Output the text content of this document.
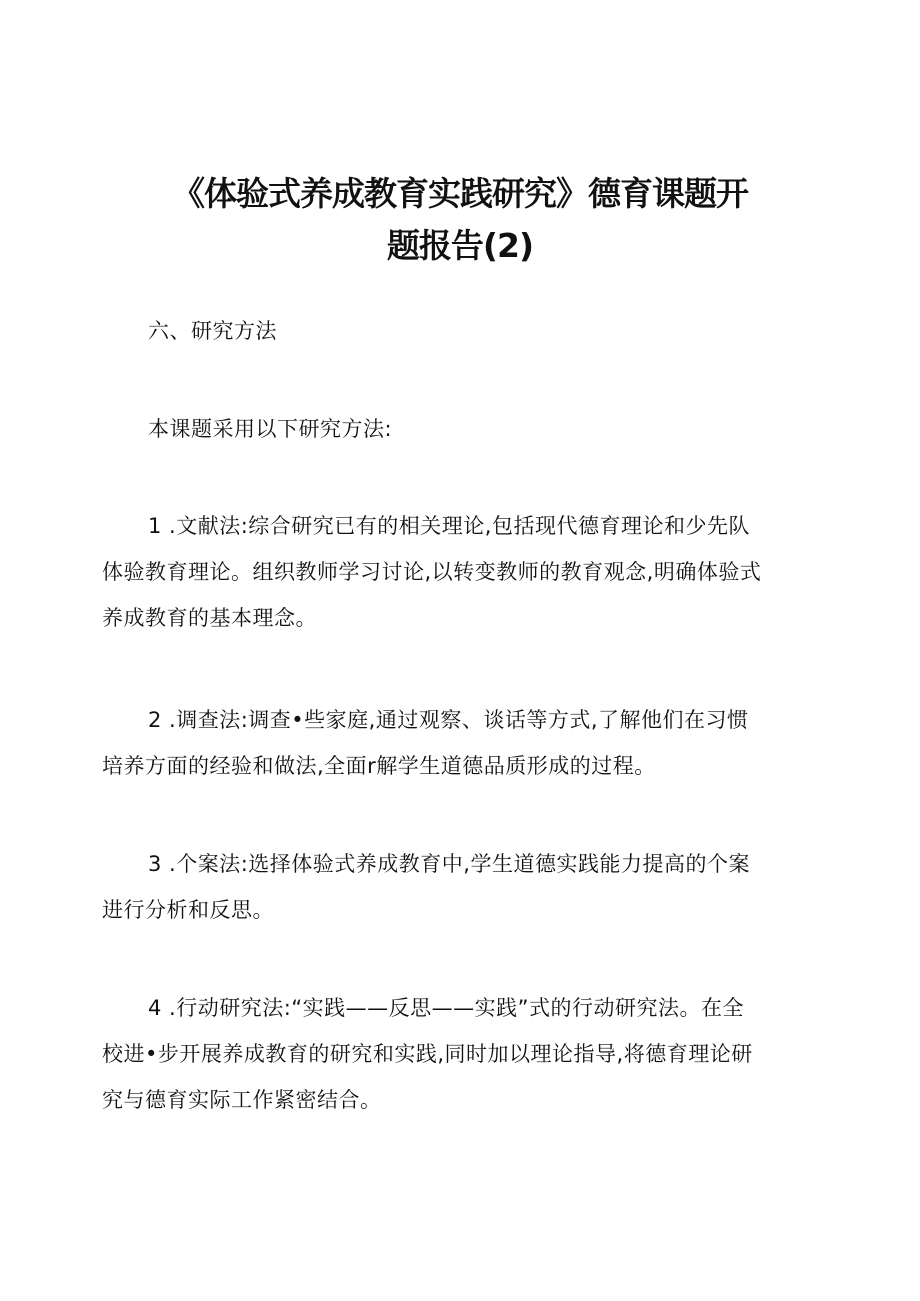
《体验式养成教育实践研究》德育课题开
题报告(2)

六、研究方法

本课题采用以下研究方法:

1 .文献法:综合研究已有的相关理论,包括现代德育理论和少先队
体验教育理论。组织教师学习讨论,以转变教师的教育观念,明确体验式
养成教育的基本理念。

2 .调查法:调查•些家庭,通过观察、谈话等方式,了解他们在习惯
培养方面的经验和做法,全面r解学生道德品质形成的过程。

3 .个案法:选择体验式养成教育中,学生道德实践能力提高的个案
进行分析和反思。

4 .行动研究法:“实践——反思——实践”式的行动研究法。在全
校进•步开展养成教育的研究和实践,同时加以理论指导,将德育理论研
究与德育实际工作紧密结合。
